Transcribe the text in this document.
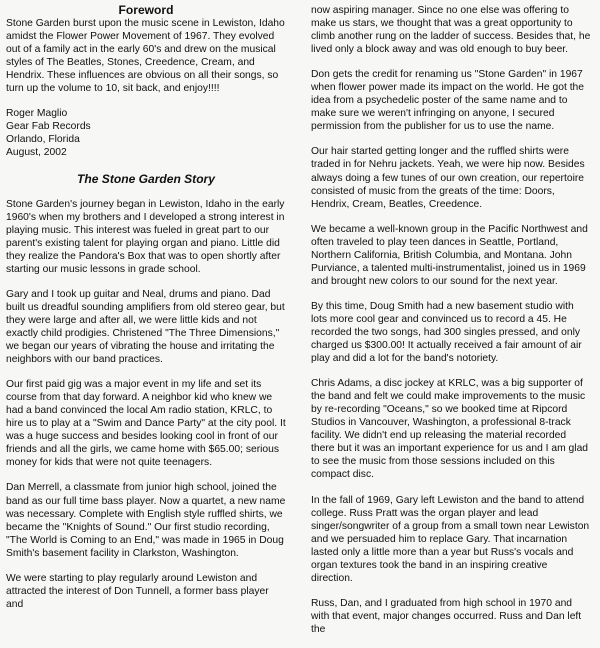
Foreword

Stone Garden burst upon the music scene in Lewiston, Idaho amidst the Flower Power Movement of 1967. They evolved out of a family act in the early 60's and drew on the musical styles of The Beatles, Stones, Creedence, Cream, and Hendrix. These influences are obvious on all their songs, so turn up the volume to 10, sit back, and enjoy!!!!

Roger Maglio
Gear Fab Records
Orlando, Florida
August, 2002
The Stone Garden Story

Stone Garden's journey began in Lewiston, Idaho in the early 1960's when my brothers and I developed a strong interest in playing music. This interest was fueled in great part to our parent's existing talent for playing organ and piano. Little did they realize the Pandora's Box that was to open shortly after starting our music lessons in grade school.

Gary and I took up guitar and Neal, drums and piano. Dad built us dreadful sounding amplifiers from old stereo gear, but they were large and after all, we were little kids and not exactly child prodigies. Christened "The Three Dimensions," we began our years of vibrating the house and irritating the neighbors with our band practices.

Our first paid gig was a major event in my life and set its course from that day forward. A neighbor kid who knew we had a band convinced the local Am radio station, KRLC, to hire us to play at a "Swim and Dance Party" at the city pool. It was a huge success and besides looking cool in front of our friends and all the girls, we came home with $65.00; serious money for kids that were not quite teenagers.

Dan Merrell, a classmate from junior high school, joined the band as our full time bass player. Now a quartet, a new name was necessary. Complete with English style ruffled shirts, we became the "Knights of Sound." Our first studio recording, "The World is Coming to an End," was made in 1965 in Doug Smith's basement facility in Clarkston, Washington.

We were starting to play regularly around Lewiston and attracted the interest of Don Tunnell, a former bass player and

now aspiring manager. Since no one else was offering to make us stars, we thought that was a great opportunity to climb another rung on the ladder of success. Besides that, he lived only a block away and was old enough to buy beer.

Don gets the credit for renaming us "Stone Garden" in 1967 when flower power made its impact on the world. He got the idea from a psychedelic poster of the same name and to make sure we weren't infringing on anyone, I secured permission from the publisher for us to use the name.

Our hair started getting longer and the ruffled shirts were traded in for Nehru jackets. Yeah, we were hip now. Besides always doing a few tunes of our own creation, our repertoire consisted of music from the greats of the time: Doors, Hendrix, Cream, Beatles, Creedence.

We became a well-known group in the Pacific Northwest and often traveled to play teen dances in Seattle, Portland, Northern California, British Columbia, and Montana. John Purviance, a talented multi-instrumentalist, joined us in 1969 and brought new colors to our sound for the next year.

By this time, Doug Smith had a new basement studio with lots more cool gear and convinced us to record a 45. He recorded the two songs, had 300 singles pressed, and only charged us $300.00! It actually received a fair amount of air play and did a lot for the band's notoriety.

Chris Adams, a disc jockey at KRLC, was a big supporter of the band and felt we could make improvements to the music by re-recording "Oceans," so we booked time at Ripcord Studios in Vancouver, Washington, a professional 8-track facility. We didn't end up releasing the material recorded there but it was an important experience for us and I am glad to see the music from those sessions included on this compact disc.

In the fall of 1969, Gary left Lewiston and the band to attend college. Russ Pratt was the organ player and lead singer/songwriter of a group from a small town near Lewiston and we persuaded him to replace Gary. That incarnation lasted only a little more than a year but Russ's vocals and organ textures took the band in an inspiring creative direction.

Russ, Dan, and I graduated from high school in 1970 and with that event, major changes occurred. Russ and Dan left the
